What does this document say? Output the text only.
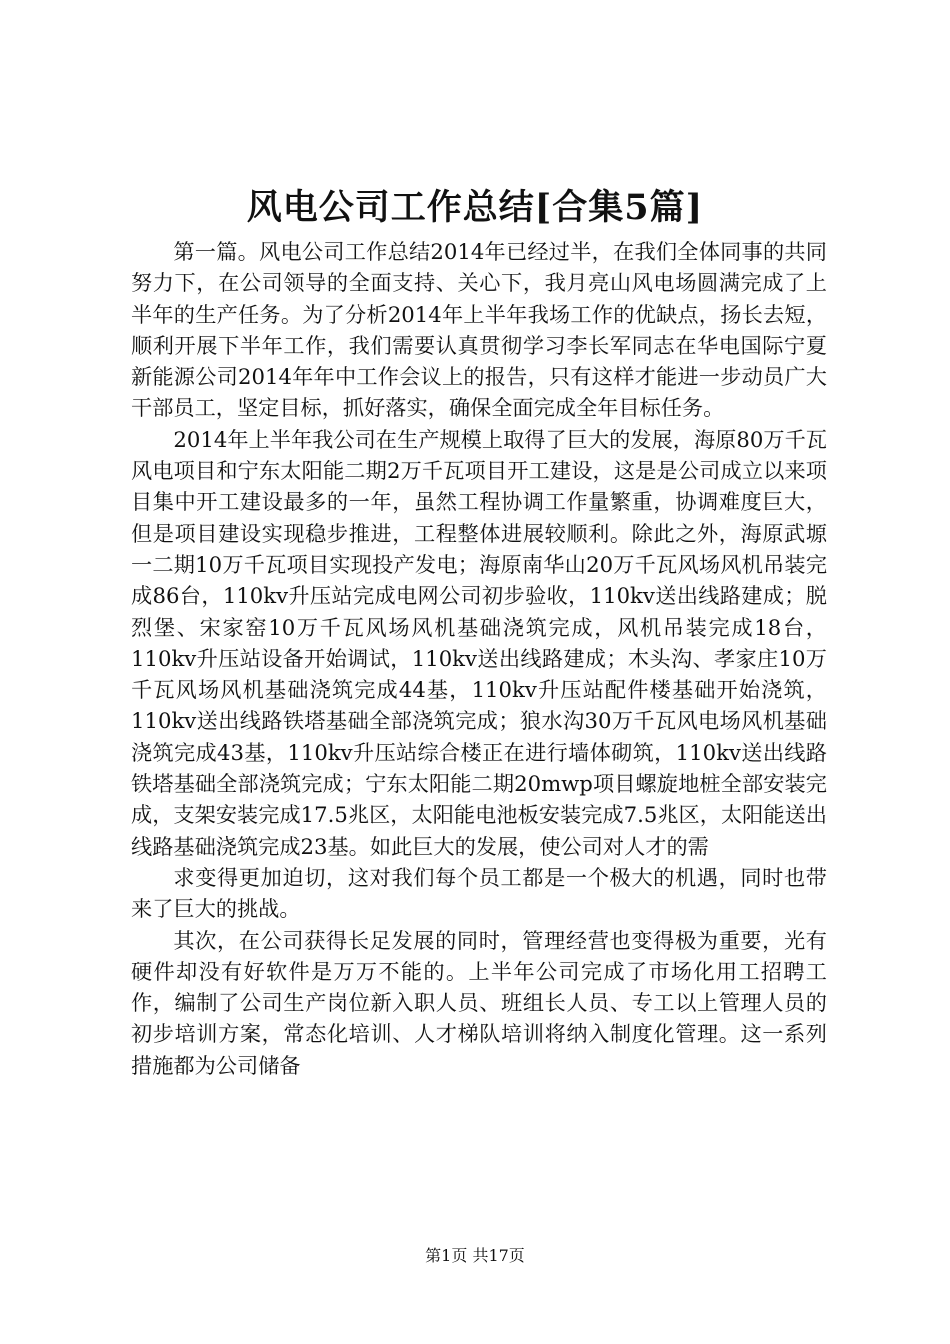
风电公司工作总结[合集5篇]

第一篇。风电公司工作总结2014年已经过半，在我们全体同事的共同努力下，在公司领导的全面支持、关心下，我月亮山风电场圆满完成了上半年的生产任务。为了分析2014年上半年我场工作的优缺点，扬长去短，顺利开展下半年工作，我们需要认真贯彻学习李长军同志在华电国际宁夏新能源公司2014年年中工作会议上的报告，只有这样才能进一步动员广大干部员工，坚定目标，抓好落实，确保全面完成全年目标任务。

2014年上半年我公司在生产规模上取得了巨大的发展，海原80万千瓦风电项目和宁东太阳能二期2万千瓦项目开工建设，这是是公司成立以来项目集中开工建设最多的一年，虽然工程协调工作量繁重，协调难度巨大，但是项目建设实现稳步推进，工程整体进展较顺利。除此之外，海原武塬一二期10万千瓦项目实现投产发电；海原南华山20万千瓦风场风机吊装完成86台，110kv升压站完成电网公司初步验收，110kv送出线路建成；脱烈堡、宋家窑10万千瓦风场风机基础浇筑完成，风机吊装完成18台，110kv升压站设备开始调试，110kv送出线路建成；木头沟、孝家庄10万千瓦风场风机基础浇筑完成44基，110kv升压站配件楼基础开始浇筑，110kv送出线路铁塔基础全部浇筑完成；狼水沟30万千瓦风电场风机基础浇筑完成43基，110kv升压站综合楼正在进行墙体砌筑，110kv送出线路铁塔基础全部浇筑完成；宁东太阳能二期20mwp项目螺旋地桩全部安装完成，支架安装完成17.5兆区，太阳能电池板安装完成7.5兆区，太阳能送出线路基础浇筑完成23基。如此巨大的发展，使公司对人才的需

求变得更加迫切，这对我们每个员工都是一个极大的机遇，同时也带来了巨大的挑战。

其次，在公司获得长足发展的同时，管理经营也变得极为重要，光有硬件却没有好软件是万万不能的。上半年公司完成了市场化用工招聘工作，编制了公司生产岗位新入职人员、班组长人员、专工以上管理人员的初步培训方案，常态化培训、人才梯队培训将纳入制度化管理。这一系列措施都为公司储备

第1页 共17页
